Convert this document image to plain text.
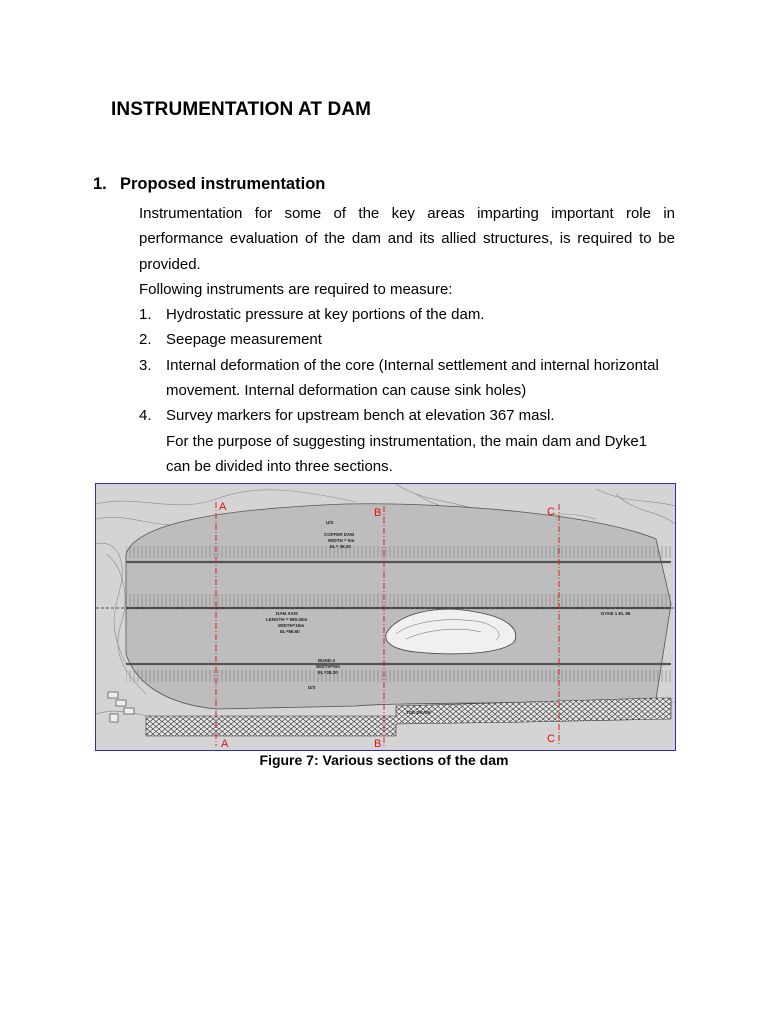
INSTRUMENTATION AT DAM
1. Proposed instrumentation

Instrumentation for some of the key areas imparting important role in performance evaluation of the dam and its allied structures, is required to be provided.

Following instruments are required to measure:

1. Hydrostatic pressure at key portions of the dam.
2. Seepage measurement
3. Internal deformation of the core (Internal settlement and internal horizontal movement. Internal deformation can cause sink holes)
4. Survey markers for upstream bench at elevation 367 masl.

For the purpose of suggesting instrumentation, the main dam and Dyke1 can be divided into three sections.

U/S
D/S
COFFER DAM
WIDTH = 5m
EL= 39.30
DAM AXIS
LENGTH = 990.00m
WIDTH=15m
EL=86.60
BUND-3
WIDTH=5m
EL=38.20
TOE DRAIN
DYKE 1 EL 86
A
A
B
B
C
C
Figure 7: Various sections of the dam
